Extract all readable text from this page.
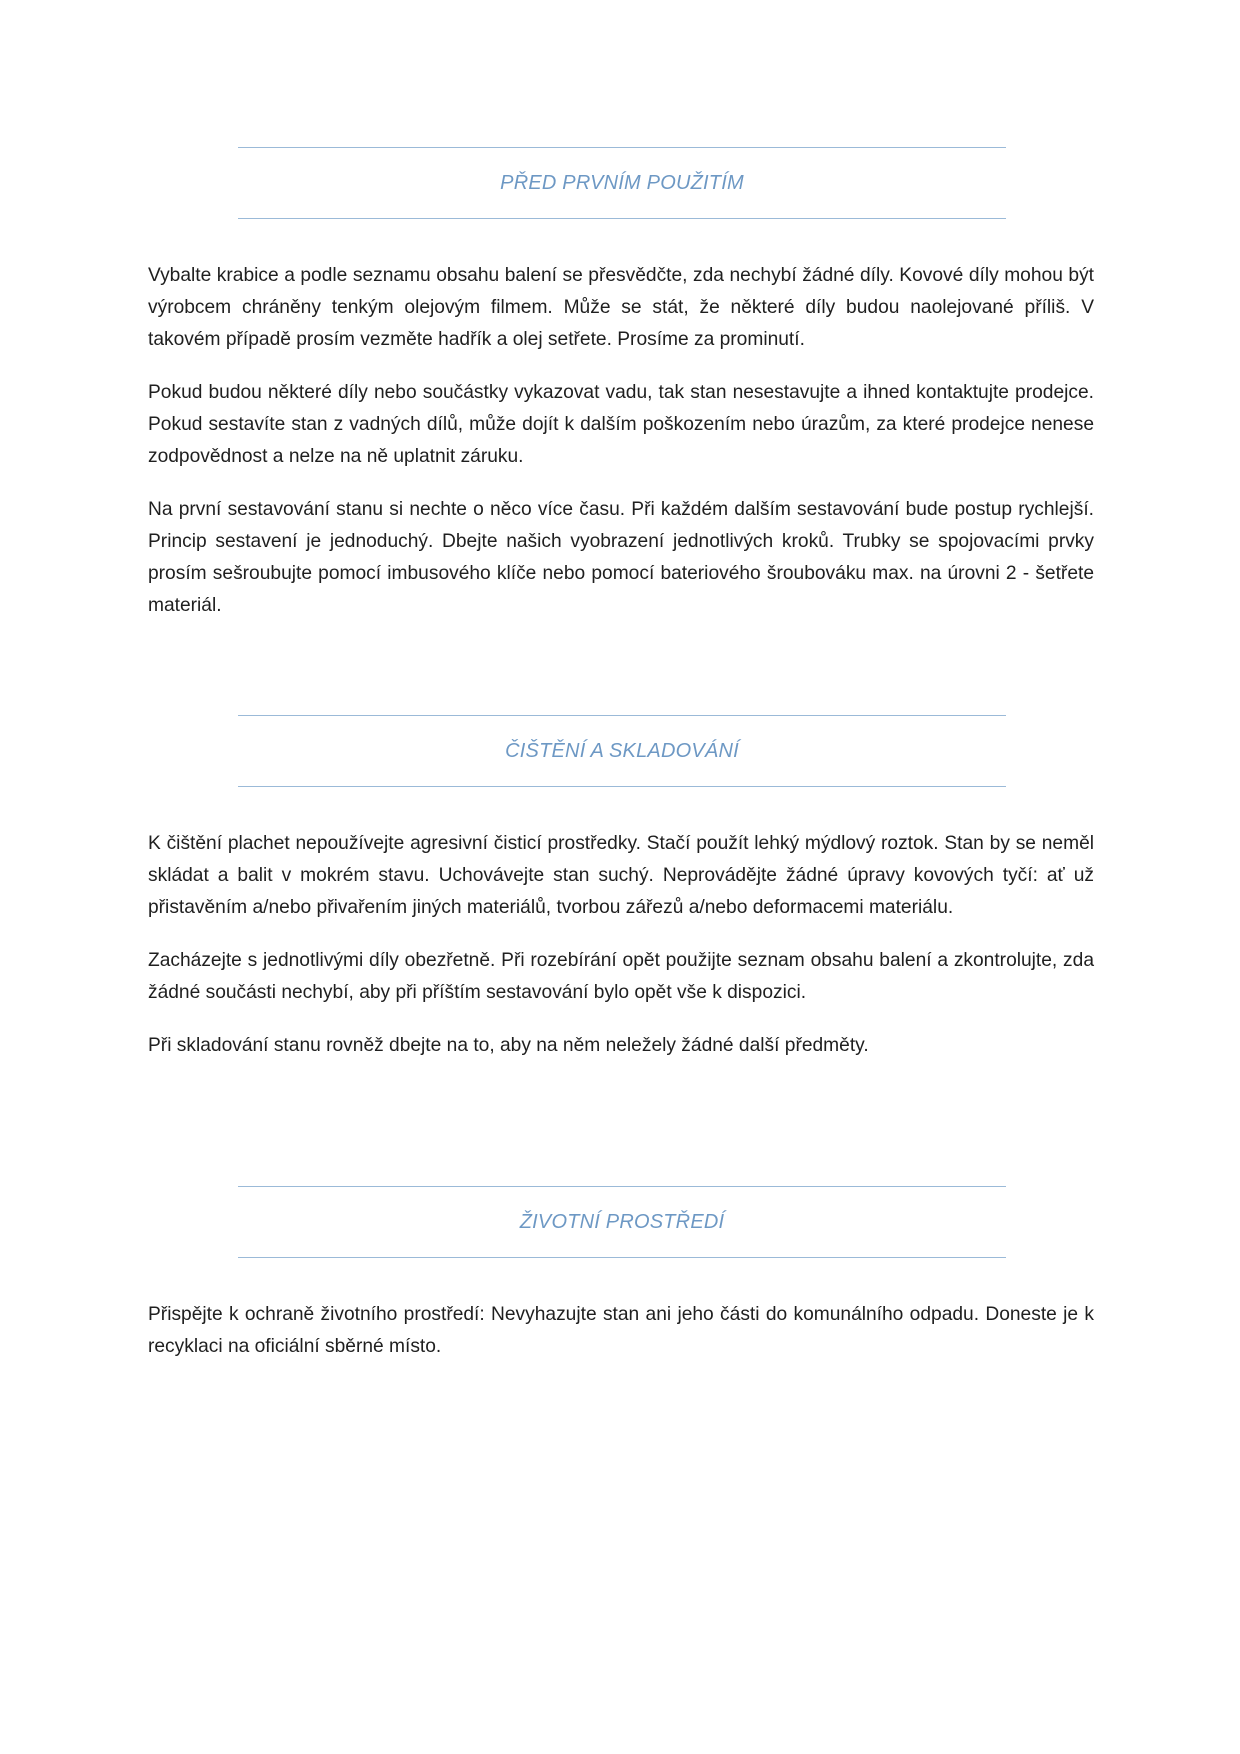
PŘED PRVNÍM POUŽITÍM

Vybalte krabice a podle seznamu obsahu balení se přesvědčte, zda nechybí žádné díly. Kovové díly mohou být výrobcem chráněny tenkým olejovým filmem. Může se stát, že některé díly budou naolejované příliš. V takovém případě prosím vezměte hadřík a olej setřete. Prosíme za prominutí.

Pokud budou některé díly nebo součástky vykazovat vadu, tak stan nesestavujte a ihned kontaktujte prodejce. Pokud sestavíte stan z vadných dílů, může dojít k dalším poškozením nebo úrazům, za které prodejce nenese zodpovědnost a nelze na ně uplatnit záruku.

Na první sestavování stanu si nechte o něco více času. Při každém dalším sestavování bude postup rychlejší. Princip sestavení je jednoduchý. Dbejte našich vyobrazení jednotlivých kroků. Trubky se spojovacími prvky prosím sešroubujte pomocí imbusového klíče nebo pomocí bateriového šroubováku max. na úrovni 2 - šetřete materiál.

ČIŠTĚNÍ A SKLADOVÁNÍ

K čištění plachet nepoužívejte agresivní čisticí prostředky. Stačí použít lehký mýdlový roztok. Stan by se neměl skládat a balit v mokrém stavu. Uchovávejte stan suchý. Neprovádějte žádné úpravy kovových tyčí: ať už přistavěním a/nebo přivařením jiných materiálů, tvorbou zářezů a/nebo deformacemi materiálu.

Zacházejte s jednotlivými díly obezřetně. Při rozebírání opět použijte seznam obsahu balení a zkontrolujte, zda žádné součásti nechybí, aby při příštím sestavování bylo opět vše k dispozici.

Při skladování stanu rovněž dbejte na to, aby na něm neležely žádné další předměty.

ŽIVOTNÍ PROSTŘEDÍ

Přispějte k ochraně životního prostředí: Nevyhazujte stan ani jeho části do komunálního odpadu. Doneste je k recyklaci na oficiální sběrné místo.
